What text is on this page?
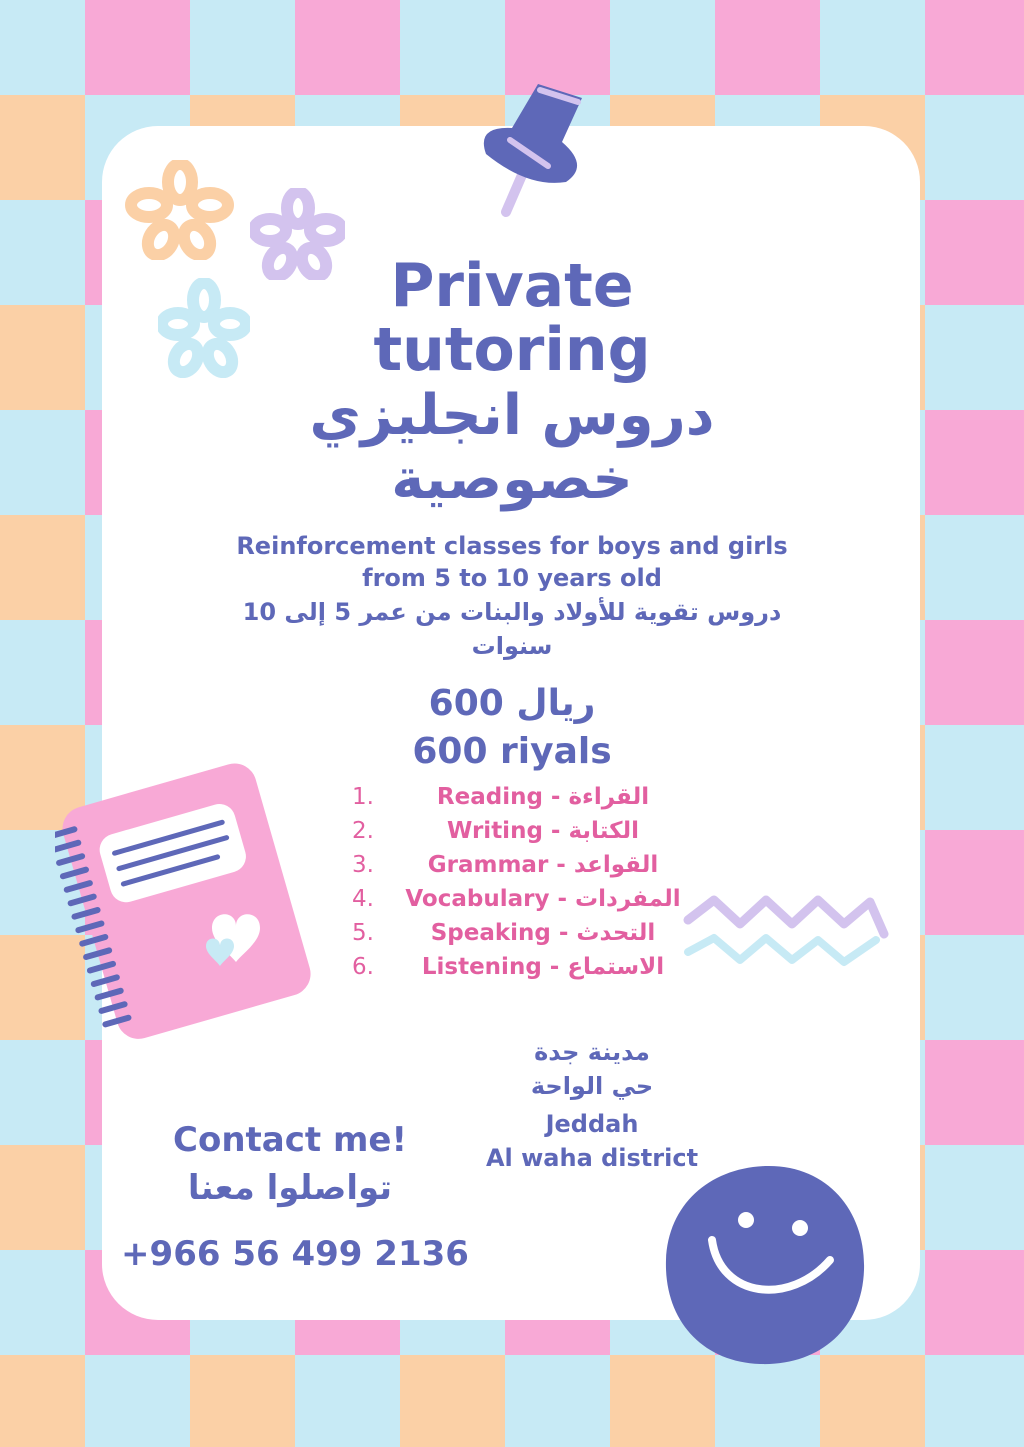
Private
tutoring
دروس انجليزي
خصوصية
Reinforcement classes for boys and girls
from 5 to 10 years old
دروس تقوية للأولاد والبنات من عمر 5 إلى 10
سنوات
600 ريال
600 riyals
1.	Reading - القراءة
2.	Writing - الكتابة
3.	Grammar - القواعد
4.	Vocabulary - المفردات
5.	Speaking - التحدث
6.	Listening - الاستماع
مدينة جدة
حي الواحة
Jeddah
Al waha district
Contact me!
تواصلوا معنا
+966 56 499 2136
